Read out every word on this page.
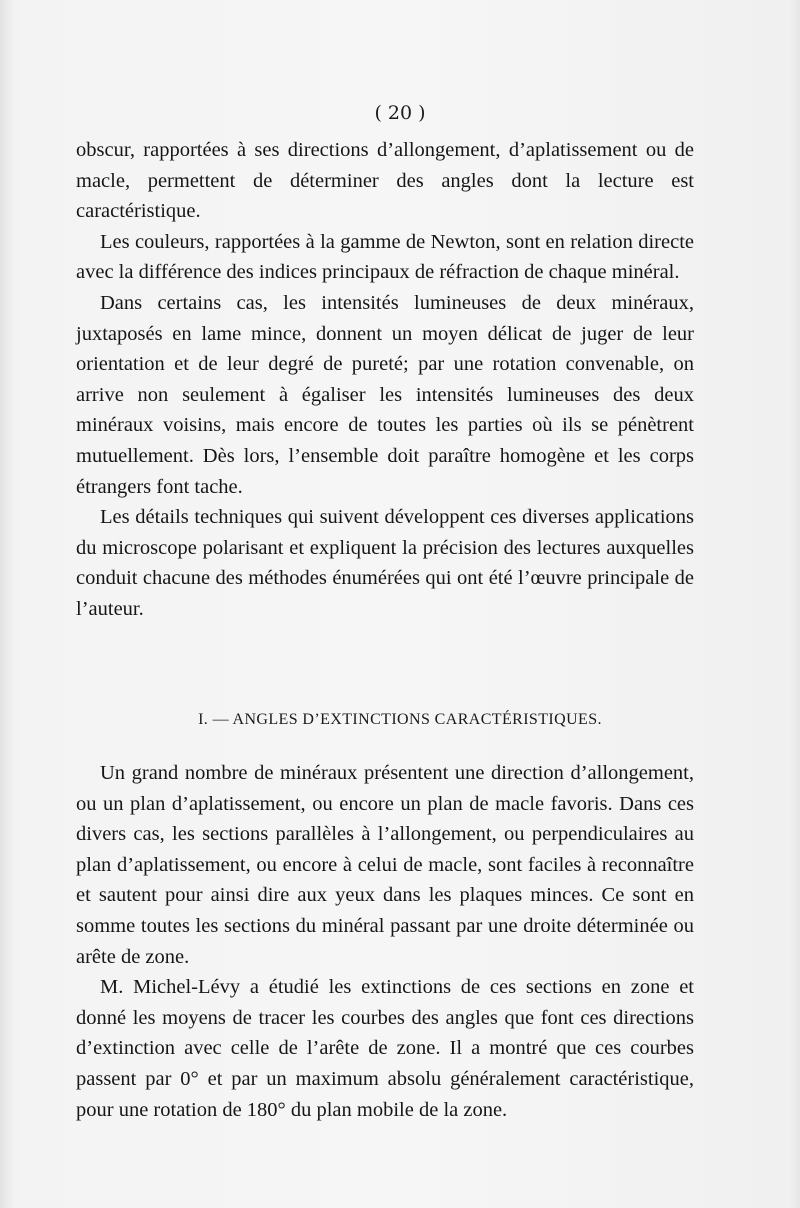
( 20 )

obscur, rapportées à ses directions d’allongement, d’aplatissement ou de macle, permettent de déterminer des angles dont la lecture est caractéristique.

Les couleurs, rapportées à la gamme de Newton, sont en relation directe avec la différence des indices principaux de réfraction de chaque minéral.

Dans certains cas, les intensités lumineuses de deux minéraux, juxtaposés en lame mince, donnent un moyen délicat de juger de leur orientation et de leur degré de pureté; par une rotation convenable, on arrive non seulement à égaliser les intensités lumineuses des deux minéraux voisins, mais encore de toutes les parties où ils se pénètrent mutuellement. Dès lors, l’ensemble doit paraître homogène et les corps étrangers font tache.

Les détails techniques qui suivent développent ces diverses applications du microscope polarisant et expliquent la précision des lectures auxquelles conduit chacune des méthodes énumérées qui ont été l’œuvre principale de l’auteur.

I. — ANGLES D’EXTINCTIONS CARACTÉRISTIQUES.

Un grand nombre de minéraux présentent une direction d’allongement, ou un plan d’aplatissement, ou encore un plan de macle favoris. Dans ces divers cas, les sections parallèles à l’allongement, ou perpendiculaires au plan d’aplatissement, ou encore à celui de macle, sont faciles à reconnaître et sautent pour ainsi dire aux yeux dans les plaques minces. Ce sont en somme toutes les sections du minéral passant par une droite déterminée ou arête de zone.

M. Michel-Lévy a étudié les extinctions de ces sections en zone et donné les moyens de tracer les courbes des angles que font ces directions d’extinction avec celle de l’arête de zone. Il a montré que ces courbes passent par 0° et par un maximum absolu généralement caractéristique, pour une rotation de 180° du plan mobile de la zone.
